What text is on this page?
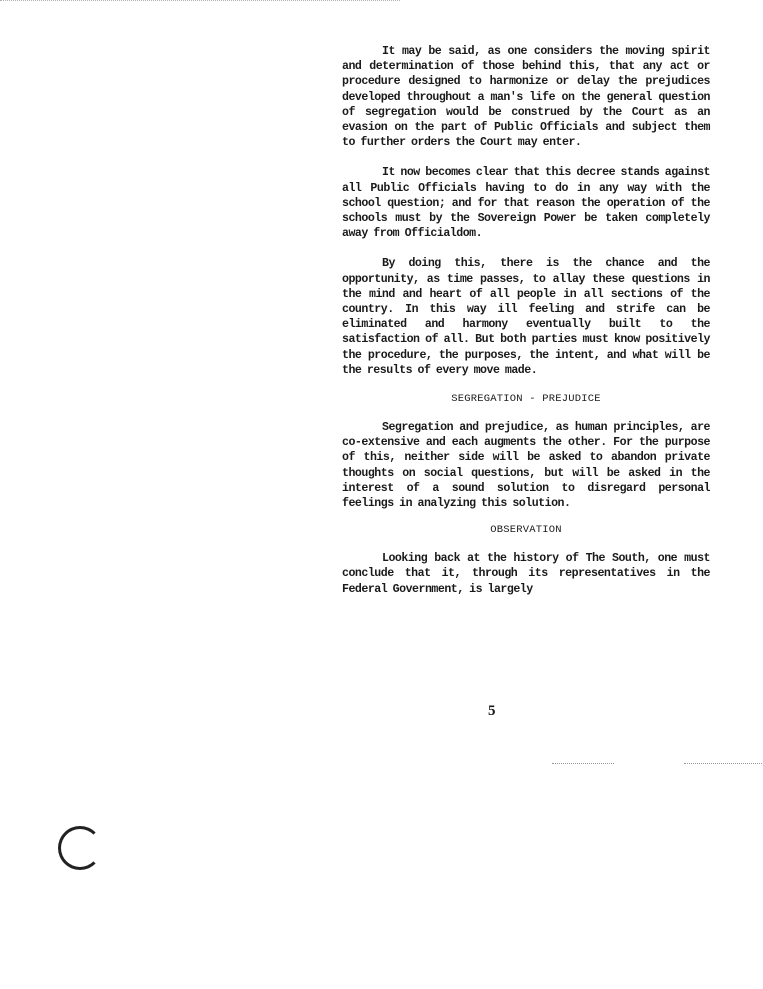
It may be said, as one considers the moving spirit and determination of those behind this, that any act or procedure designed to harmonize or delay the prejudices developed throughout a man's life on the general question of segregation would be construed by the Court as an evasion on the part of Public Officials and subject them to further orders the Court may enter.

It now becomes clear that this decree stands against all Public Officials having to do in any way with the school question; and for that reason the operation of the schools must by the Sovereign Power be taken completely away from Officialdom.

By doing this, there is the chance and the opportunity, as time passes, to allay these questions in the mind and heart of all people in all sections of the country. In this way ill feeling and strife can be eliminated and harmony eventually built to the satisfaction of all. But both parties must know positively the procedure, the purposes, the intent, and what will be the results of every move made.

SEGREGATION - PREJUDICE

Segregation and prejudice, as human principles, are co-extensive and each augments the other. For the purpose of this, neither side will be asked to abandon private thoughts on social questions, but will be asked in the interest of a sound solution to disregard personal feelings in analyzing this solution.

OBSERVATION

Looking back at the history of The South, one must conclude that it, through its representatives in the Federal Government, is largely

5
